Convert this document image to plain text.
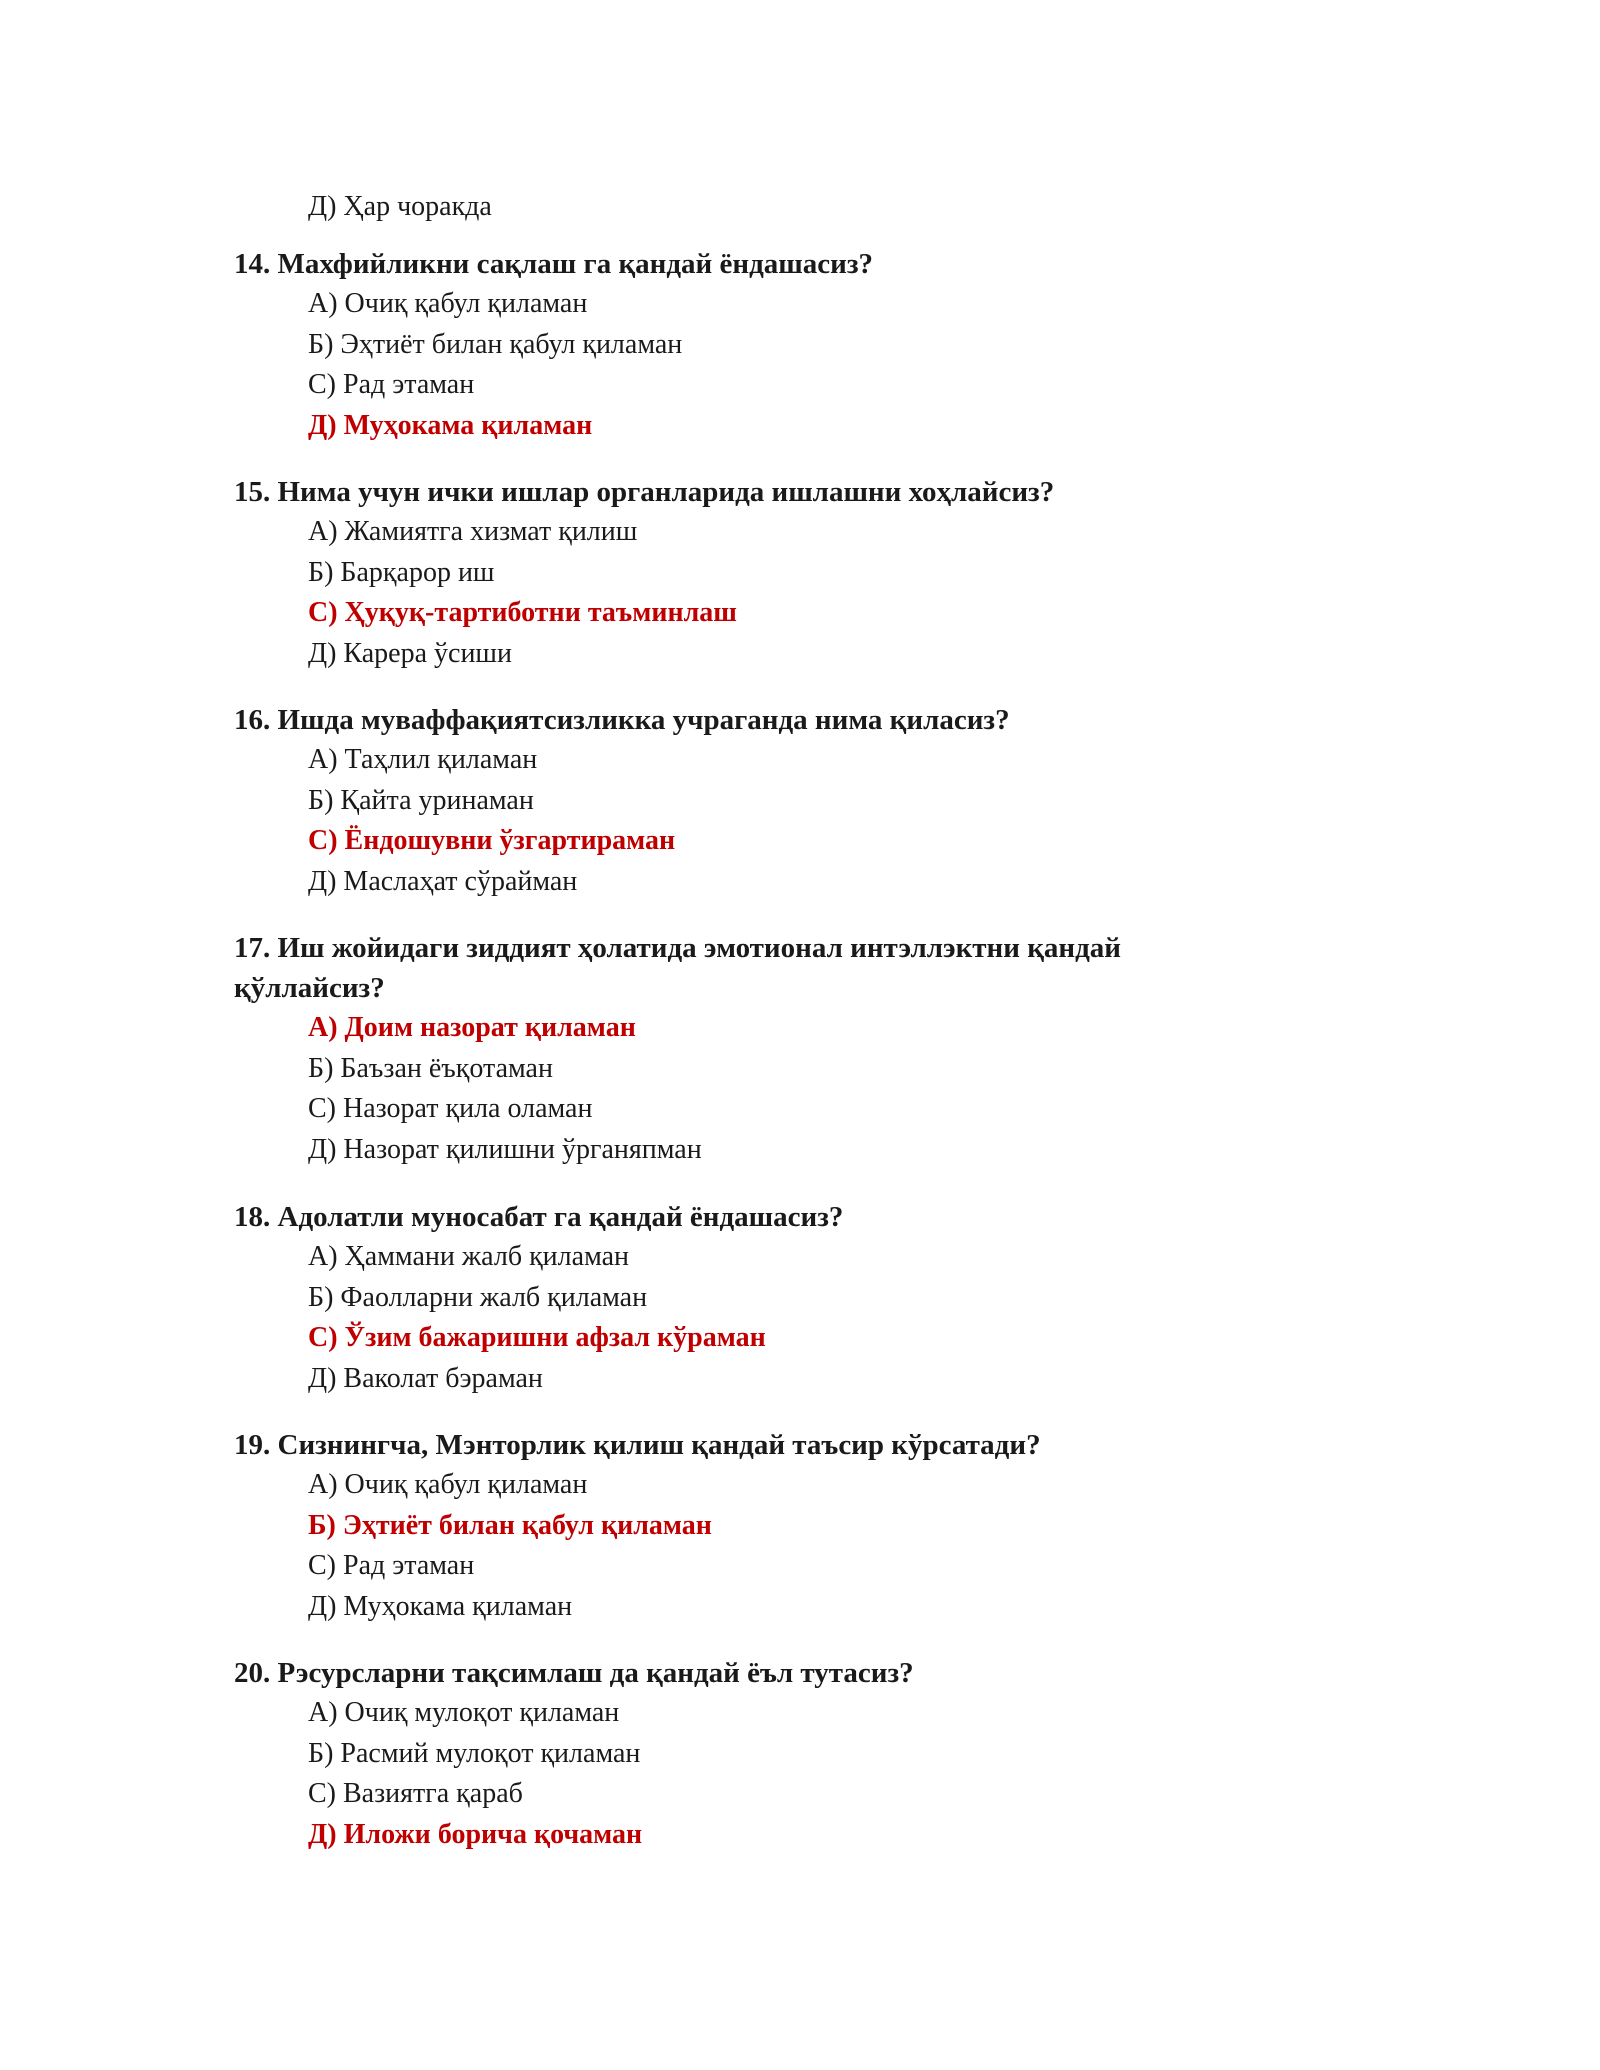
Д) Ҳар чоракда

14. Махфийликни сақлаш га қандай ёндашасиз?

А) Очиқ қабул қиламан
Б) Эҳтиёт билан қабул қиламан
С) Рад этаман
Д) Муҳокама қиламан

15. Нима учун ички ишлар органларида ишлашни хоҳлайсиз?

А) Жамиятга хизмат қилиш
Б) Барқарор иш
С) Ҳуқуқ-тартиботни таъминлаш
Д) Карера ўсиши

16. Ишда муваффақиятсизликка учраганда нима қиласиз?

А) Таҳлил қиламан
Б) Қайта уринаман
С) Ёндошувни ўзгартираман
Д) Маслаҳат сўрайман

17. Иш жойидаги зиддият ҳолатида эмотионал интэллэктни қандай қўллайсиз?

А) Доим назорат қиламан
Б) Баъзан ёъқотаман
С) Назорат қила оламан
Д) Назорат қилишни ўрганяпман

18. Адолатли муносабат га қандай ёндашасиз?

А) Ҳаммани жалб қиламан
Б) Фаолларни жалб қиламан
С) Ўзим бажаришни афзал кўраман
Д) Ваколат бэраман

19. Сизнингча, Мэнторлик қилиш қандай таъсир кўрсатади?

А) Очиқ қабул қиламан
Б) Эҳтиёт билан қабул қиламан
С) Рад этаман
Д) Муҳокама қиламан

20. Рэсурсларни тақсимлаш да қандай ёъл тутасиз?

А) Очиқ мулоқот қиламан
Б) Расмий мулоқот қиламан
С) Вазиятга қараб
Д) Иложи борича қочаман
